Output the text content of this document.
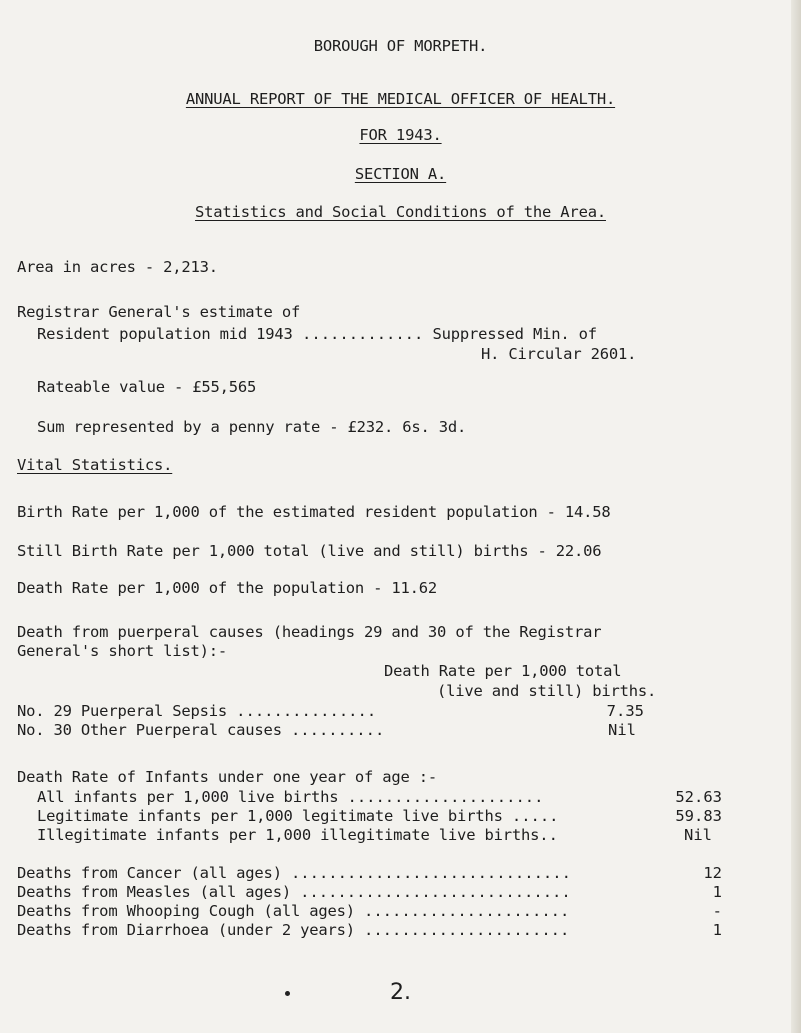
BOROUGH OF MORPETH.
ANNUAL REPORT OF THE MEDICAL OFFICER OF HEALTH.
FOR 1943.
SECTION A.
Statistics and Social Conditions of the Area.
Area in acres - 2,213.
Registrar General's estimate of
Resident population mid 1943 ............. Suppressed Min. of
H. Circular 2601.
Rateable value - £55,565
Sum represented by a penny rate - £232. 6s. 3d.
Vital Statistics.
Birth Rate per 1,000 of the estimated resident population - 14.58
Still Birth Rate per 1,000 total (live and still) births - 22.06
Death Rate per 1,000 of the population - 11.62
Death from puerperal causes (headings 29 and 30 of the Registrar
General's short list):-
Death Rate per 1,000 total
(live and still) births.
No. 29 Puerperal Sepsis ...............	7.35
No. 30 Other Puerperal causes ..........	Nil
Death Rate of Infants under one year of age :-
All infants per 1,000 live births .....................	52.63
Legitimate infants per 1,000 legitimate live births .....	59.83
Illegitimate infants per 1,000 illegitimate live births..	Nil
Deaths from Cancer (all ages) ..............................	12
Deaths from Measles (all ages) .............................	1
Deaths from Whooping Cough (all ages) ......................	-
Deaths from Diarrhoea (under 2 years) ......................	1
2.
